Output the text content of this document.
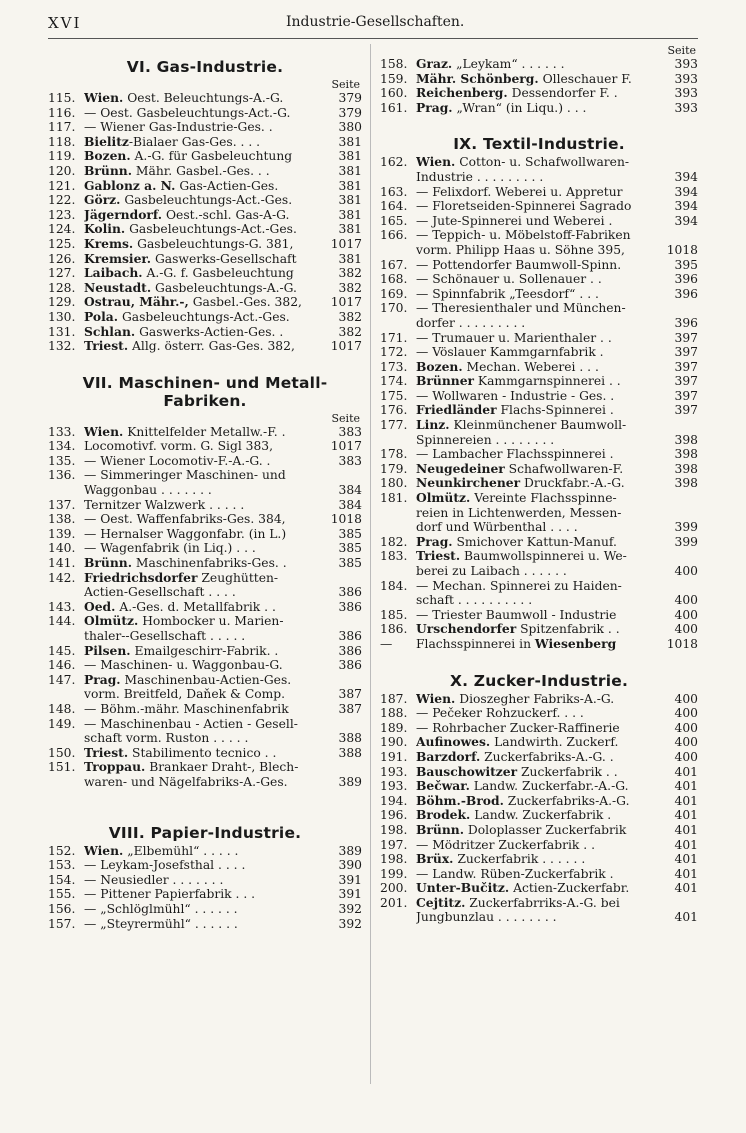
XVI	Industrie-Gesellschaften.
VI. Gas-Industrie.
Seite
115. Wien. Oest. Beleuchtungs-A.-G.	379
116. — Oest. Gasbeleuchtungs-Act.-G.	379
117. — Wiener Gas-Industrie-Ges. .	380
118. Bielitz-Bialaer Gas-Ges. . . .	381
119. Bozen. A.-G. für Gasbeleuchtung	381
120. Brünn. Mähr. Gasbel.-Ges. . .	381
121. Gablonz a. N. Gas-Actien-Ges.	381
122. Görz. Gasbeleuchtungs-Act.-Ges.	381
123. Jägerndorf. Oest.-schl. Gas-A-G.	381
124. Kolin. Gasbeleuchtungs-Act.-Ges.	381
125. Krems. Gasbeleuchtungs-G. 381,	1017
126. Kremsier. Gaswerks-Gesellschaft	381
127. Laibach. A.-G. f. Gasbeleuchtung	382
128. Neustadt. Gasbeleuchtungs-A.-G.	382
129. Ostrau, Mähr.-, Gasbel.-Ges. 382,	1017
130. Pola. Gasbeleuchtungs-Act.-Ges.	382
131. Schlan. Gaswerks-Actien-Ges. .	382
132. Triest. Allg. österr. Gas-Ges. 382,	1017
VII. Maschinen- und Metall-Fabriken.
Seite
133. Wien. Knittelfelder Metallw.-F. .	383
134. Locomotivf. vorm. G. Sigl 383,	1017
135. — Wiener Locomotiv-F.-A.-G. .	383
136. — Simmeringer Maschinen- und
Waggonbau . . . . . . .	384
137. Ternitzer Walzwerk . . . . .	384
138. — Oest. Waffenfabriks-Ges. 384,	1018
139. — Hernalser Waggonfabr. (in L.)	385
140. — Wagenfabrik (in Liq.) . . .	385
141. Brünn. Maschinenfabriks-Ges. .	385
142. Friedrichsdorfer Zeughütten-
Actien-Gesellschaft . . . .	386
143. Oed. A.-Ges. d. Metallfabrik . .	386
144. Olmütz. Hombocker u. Marien-
thaler--Gesellschaft . . . . .	386
145. Pilsen. Emailgeschirr-Fabrik. .	386
146. — Maschinen- u. Waggonbau-G.	386
147. Prag. Maschinenbau-Actien-Ges.
vorm. Breitfeld, Daňek & Comp.	387
148. — Böhm.-mähr. Maschinenfabrik	387
149. — Maschinenbau - Actien - Gesell-
schaft vorm. Ruston . . . . .	388
150. Triest. Stabilimento tecnico . .	388
151. Troppau. Brankaer Draht-, Blech-
waren- und Nägelfabriks-A.-Ges.	389
VIII. Papier-Industrie.
152. Wien. „Elbemühl“ . . . . .	389
153. — Leykam-Josefsthal . . . .	390
154. — Neusiedler . . . . . . .	391
155. — Pittener Papierfabrik . . .	391
156. — „Schlöglmühl“ . . . . . .	392
157. — „Steyrermühl“ . . . . . .	392
Seite
158. Graz. „Leykam“ . . . . . .	393
159. Mähr. Schönberg. Olleschauer F.	393
160. Reichenberg. Dessendorfer F. .	393
161. Prag. „Wran“ (in Liqu.) . . .	393
IX. Textil-Industrie.
162. Wien. Cotton- u. Schafwollwaren-
Industrie . . . . . . . . .	394
163. — Felixdorf. Weberei u. Appretur	394
164. — Floretseiden-Spinnerei Sagrado	394
165. — Jute-Spinnerei und Weberei .	394
166. — Teppich- u. Möbelstoff-Fabriken
vorm. Philipp Haas u. Söhne 395,	1018
167. — Pottendorfer Baumwoll-Spinn.	395
168. — Schönauer u. Sollenauer . .	396
169. — Spinnfabrik „Teesdorf“ . . .	396
170. — Theresienthaler und München-
dorfer . . . . . . . . .	396
171. — Trumauer u. Marienthaler . .	397
172. — Vöslauer Kammgarnfabrik .	397
173. Bozen. Mechan. Weberei . . .	397
174. Brünner Kammgarnspinnerei . .	397
175. — Wollwaren - Industrie - Ges. .	397
176. Friedländer Flachs-Spinnerei .	397
177. Linz. Kleinmünchener Baumwoll-
Spinnereien . . . . . . . .	398
178. — Lambacher Flachsspinnerei .	398
179. Neugedeiner Schafwollwaren-F.	398
180. Neunkirchener Druckfabr.-A.-G.	398
181. Olmütz. Vereinte Flachsspinne-
reien in Lichtenwerden, Messen-
dorf und Würbenthal . . . .	399
182. Prag. Smichover Kattun-Manuf.	399
183. Triest. Baumwollspinnerei u. We-
berei zu Laibach . . . . . .	400
184. — Mechan. Spinnerei zu Haiden-
schaft . . . . . . . . . .	400
185. — Triester Baumwoll - Industrie	400
186. Urschendorfer Spitzenfabrik . .	400
—	Flachsspinnerei in Wiesenberg	1018
X. Zucker-Industrie.
187. Wien. Dioszegher Fabriks-A.-G.	400
188. — Pečeker Rohzuckerf. . . .	400
189. — Rohrbacher Zucker-Raffinerie	400
190. Aufinowes. Landwirth. Zuckerf.	400
191. Barzdorf. Zuckerfabriks-A.-G. .	400
193. Bauschowitzer Zuckerfabrik . .	401
193. Bečwar. Landw. Zuckerfabr.-A.-G.	401
194. Böhm.-Brod. Zuckerfabriks-A.-G.	401
196. Brodek. Landw. Zuckerfabrik .	401
198. Brünn. Doloplasser Zuckerfabrik	401
197. — Mödritzer Zuckerfabrik . .	401
198. Brüx. Zuckerfabrik . . . . . .	401
199. — Landw. Rüben-Zuckerfabrik .	401
200. Unter-Bučitz. Actien-Zuckerfabr.	401
201. Cejtitz. Zuckerfabrriks-A.-G. bei
Jungbunzlau . . . . . . . .	401
